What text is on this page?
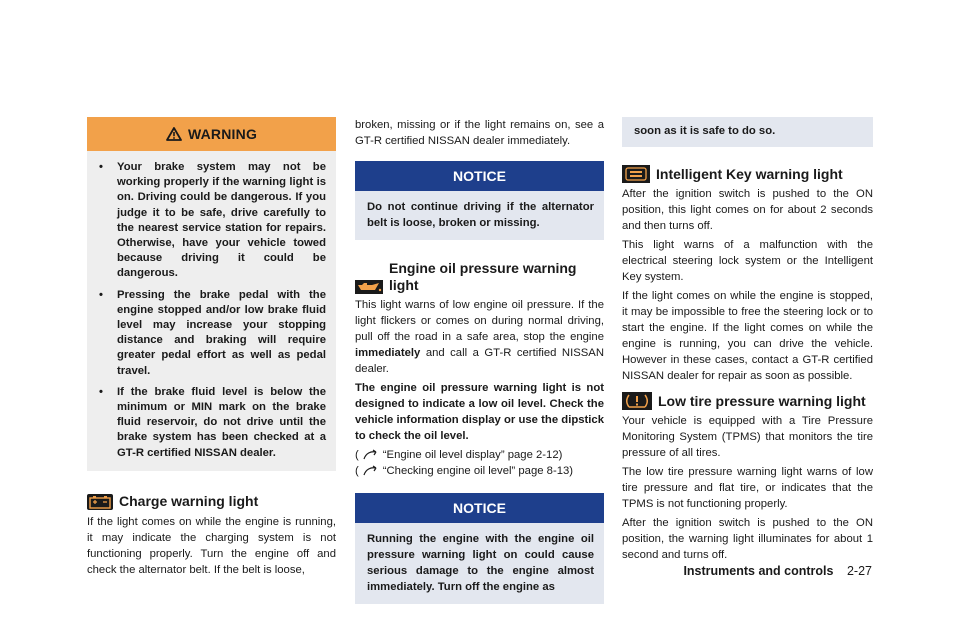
WARNING
•	Your brake system may not be working properly if the warning light is on. Driving could be dangerous. If you judge it to be safe, drive carefully to the nearest service station for repairs. Otherwise, have your vehicle towed because driving it could be dangerous.
•	Pressing the brake pedal with the engine stopped and/or low brake fluid level may increase your stopping distance and braking will require greater pedal effort as well as pedal travel.
•	If the brake fluid level is below the minimum or MIN mark on the brake fluid reservoir, do not drive until the brake system has been checked at a GT-R certified NISSAN dealer.
Charge warning light

If the light comes on while the engine is running, it may indicate the charging system is not functioning properly. Turn the engine off and check the alternator belt. If the belt is loose,

broken, missing or if the light remains on, see a GT-R certified NISSAN dealer immediately.

NOTICE
Do not continue driving if the alternator belt is loose, broken or missing.
Engine oil pressure warning light

This light warns of low engine oil pressure. If the light flickers or comes on during normal driving, pull off the road in a safe area, stop the engine immediately and call a GT-R certified NISSAN dealer.

The engine oil pressure warning light is not designed to indicate a low oil level. Check the vehicle information display or use the dipstick to check the oil level.

( “Engine oil level display” page 2-12)
( “Checking engine oil level” page 8-13)
NOTICE
Running the engine with the engine oil pressure warning light on could cause serious damage to the engine almost immediately. Turn off the engine as
soon as it is safe to do so.
Intelligent Key warning light

After the ignition switch is pushed to the ON position, this light comes on for about 2 seconds and then turns off.

This light warns of a malfunction with the electrical steering lock system or the Intelligent Key system.

If the light comes on while the engine is stopped, it may be impossible to free the steering lock or to start the engine. If the light comes on while the engine is running, you can drive the vehicle. However in these cases, contact a GT-R certified NISSAN dealer for repair as soon as possible.

Low tire pressure warning light

Your vehicle is equipped with a Tire Pressure Monitoring System (TPMS) that monitors the tire pressure of all tires.

The low tire pressure warning light warns of low tire pressure and flat tire, or indicates that the TPMS is not functioning properly.

After the ignition switch is pushed to the ON position, the warning light illuminates for about 1 second and turns off.

Instruments and controls 2-27
